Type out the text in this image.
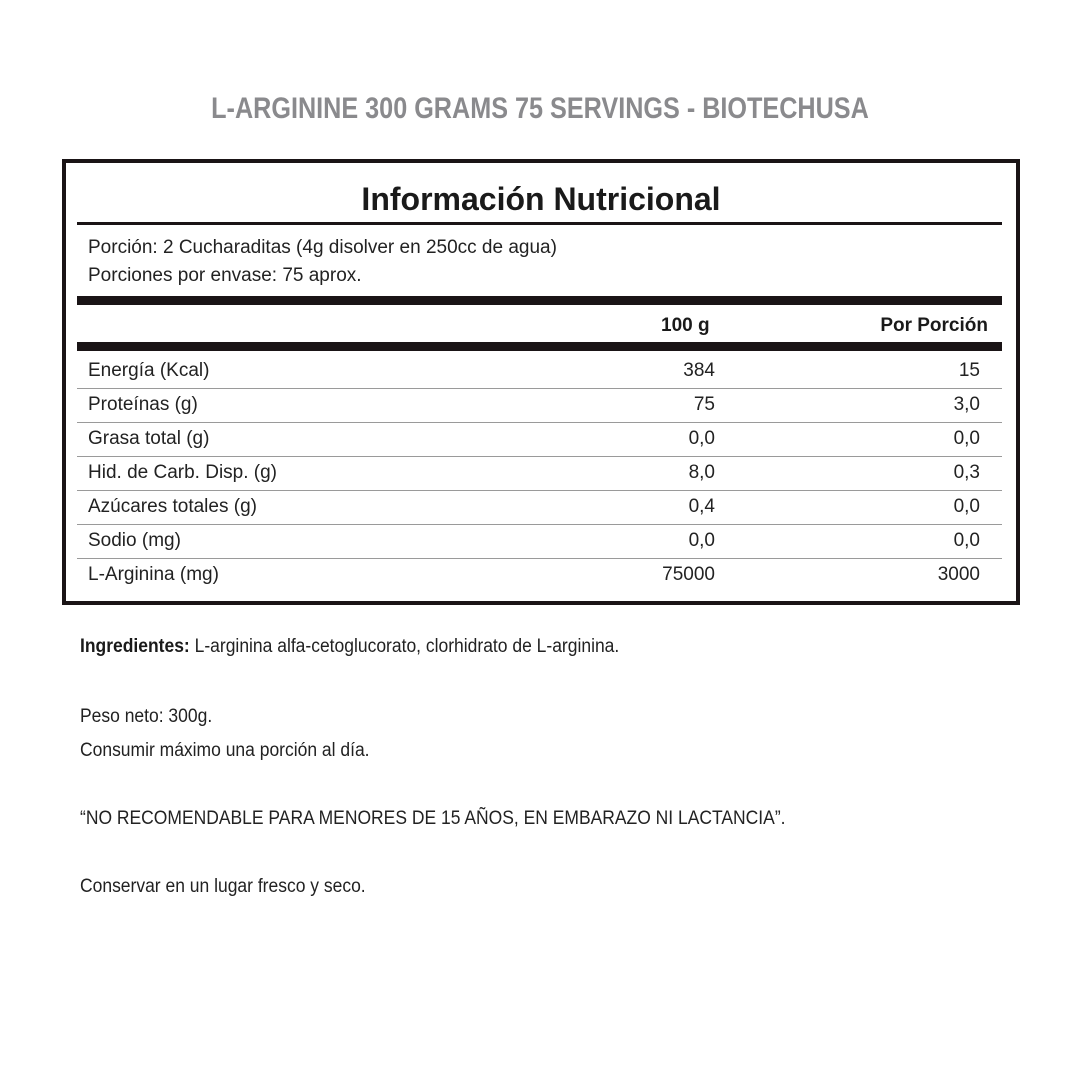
L-ARGININE 300 GRAMS 75 SERVINGS - BIOTECHUSA
Información Nutricional
Porción: 2 Cucharaditas (4g disolver en 250cc de agua)
Porciones por envase: 75 aprox.
100 g	Por Porción
Energía (Kcal)	384	15
Proteínas (g)	75	3,0
Grasa total (g)	0,0	0,0
Hid. de Carb. Disp. (g)	8,0	0,3
Azúcares totales (g)	0,4	0,0
Sodio (mg)	0,0	0,0
L-Arginina (mg)	75000	3000
Ingredientes: L-arginina alfa-cetoglucorato, clorhidrato de L-arginina.
Peso neto: 300g.
Consumir máximo una porción al día.
“NO RECOMENDABLE PARA MENORES DE 15 AÑOS, EN EMBARAZO NI LACTANCIA”.
Conservar en un lugar fresco y seco.
